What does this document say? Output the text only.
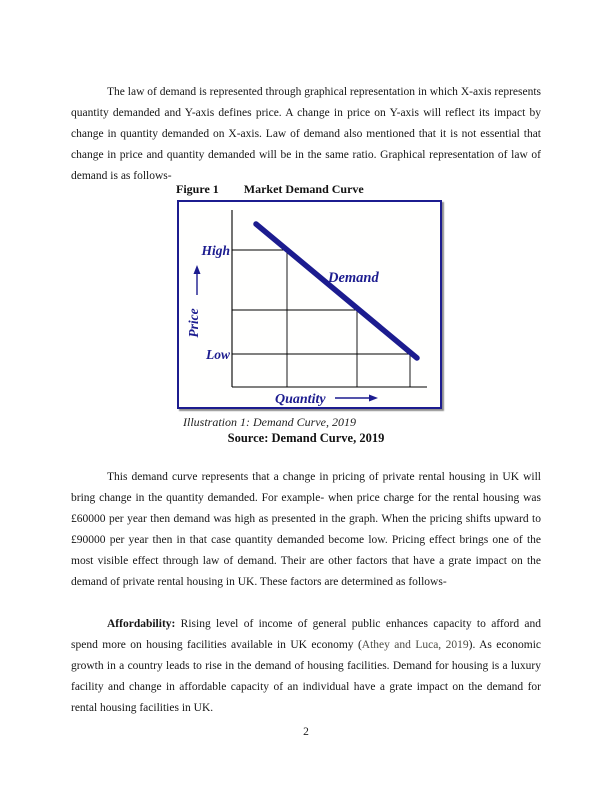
The law of demand is represented through graphical representation in which X-axis represents quantity demanded and Y-axis defines price. A change in price on Y-axis will reflect its impact by change in quantity demanded on X-axis. Law of demand also mentioned that it is not essential that change in price and quantity demanded will be in the same ratio. Graphical representation of law of demand is as follows-

Figure 1 Market Demand Curve
High
Low
Price
Quantity
Demand
Illustration 1: Demand Curve, 2019
Source: Demand Curve, 2019

This demand curve represents that a change in pricing of private rental housing in UK will bring change in the quantity demanded. For example- when price charge for the rental housing was £60000 per year then demand was high as presented in the graph. When the pricing shifts upward to £90000 per year then in that case quantity demanded become low. Pricing effect brings one of the most visible effect through law of demand. Their are other factors that have a grate impact on the demand of private rental housing in UK. These factors are determined as follows-

Affordability: Rising level of income of general public enhances capacity to afford and spend more on housing facilities available in UK economy (Athey and Luca, 2019). As economic growth in a country leads to rise in the demand of housing facilities. Demand for housing is a luxury facility and change in affordable capacity of an individual have a grate impact on the demand for rental housing facilities in UK.

2
